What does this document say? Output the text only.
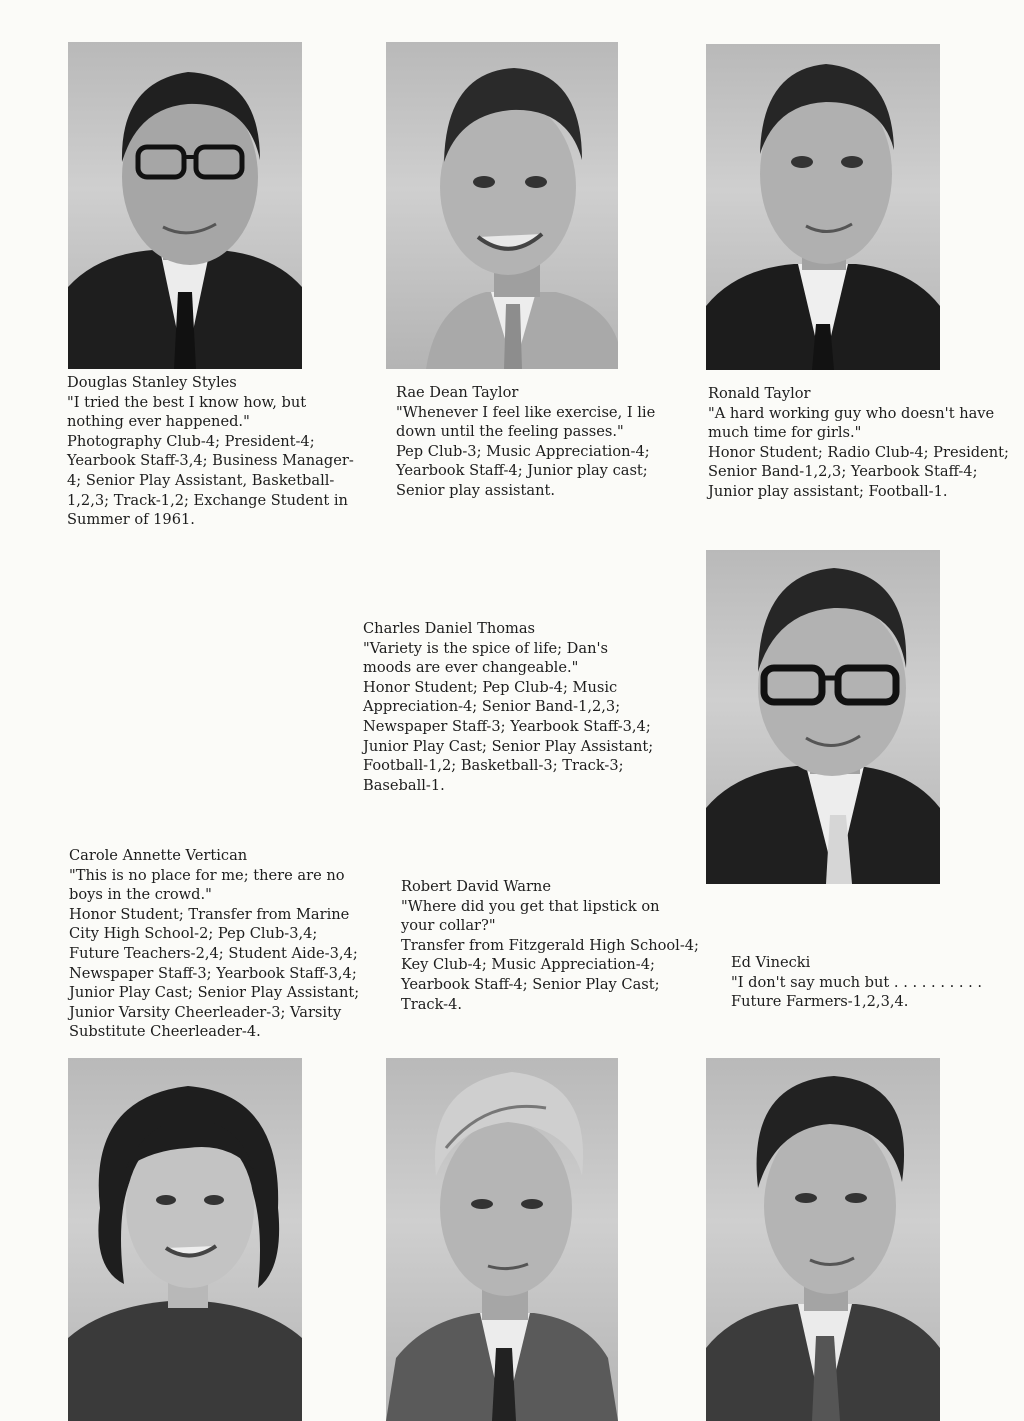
Douglas Stanley Styles
"I tried the best I know how, but
nothing ever happened."
Photography Club-4; President-4;
Yearbook Staff-3,4; Business Manager-
4; Senior Play Assistant, Basketball-
1,2,3; Track-1,2; Exchange Student in
Summer of 1961.
Rae Dean Taylor
"Whenever I feel like exercise, I lie
down until the feeling passes."
Pep Club-3; Music Appreciation-4;
Yearbook Staff-4; Junior play cast;
Senior play assistant.
Ronald Taylor
"A hard working guy who doesn't have
much time for girls."
Honor Student; Radio Club-4; President;
Senior Band-1,2,3; Yearbook Staff-4;
Junior play assistant; Football-1.
Charles Daniel Thomas
"Variety is the spice of life; Dan's
moods are ever changeable."
Honor Student; Pep Club-4; Music
Appreciation-4; Senior Band-1,2,3;
Newspaper Staff-3; Yearbook Staff-3,4;
Junior Play Cast; Senior Play Assistant;
Football-1,2; Basketball-3; Track-3;
Baseball-1.
Carole Annette Vertican
"This is no place for me; there are no
boys in the crowd."
Honor Student; Transfer from Marine
City High School-2; Pep Club-3,4;
Future Teachers-2,4; Student Aide-3,4;
Newspaper Staff-3; Yearbook Staff-3,4;
Junior Play Cast; Senior Play Assistant;
Junior Varsity Cheerleader-3; Varsity
Substitute Cheerleader-4.
Robert David Warne
"Where did you get that lipstick on
your collar?"
Transfer from Fitzgerald High School-4;
Key Club-4; Music Appreciation-4;
Yearbook Staff-4; Senior Play Cast;
Track-4.
Ed Vinecki
"I don't say much but . . . . . . . . . .
Future Farmers-1,2,3,4.
